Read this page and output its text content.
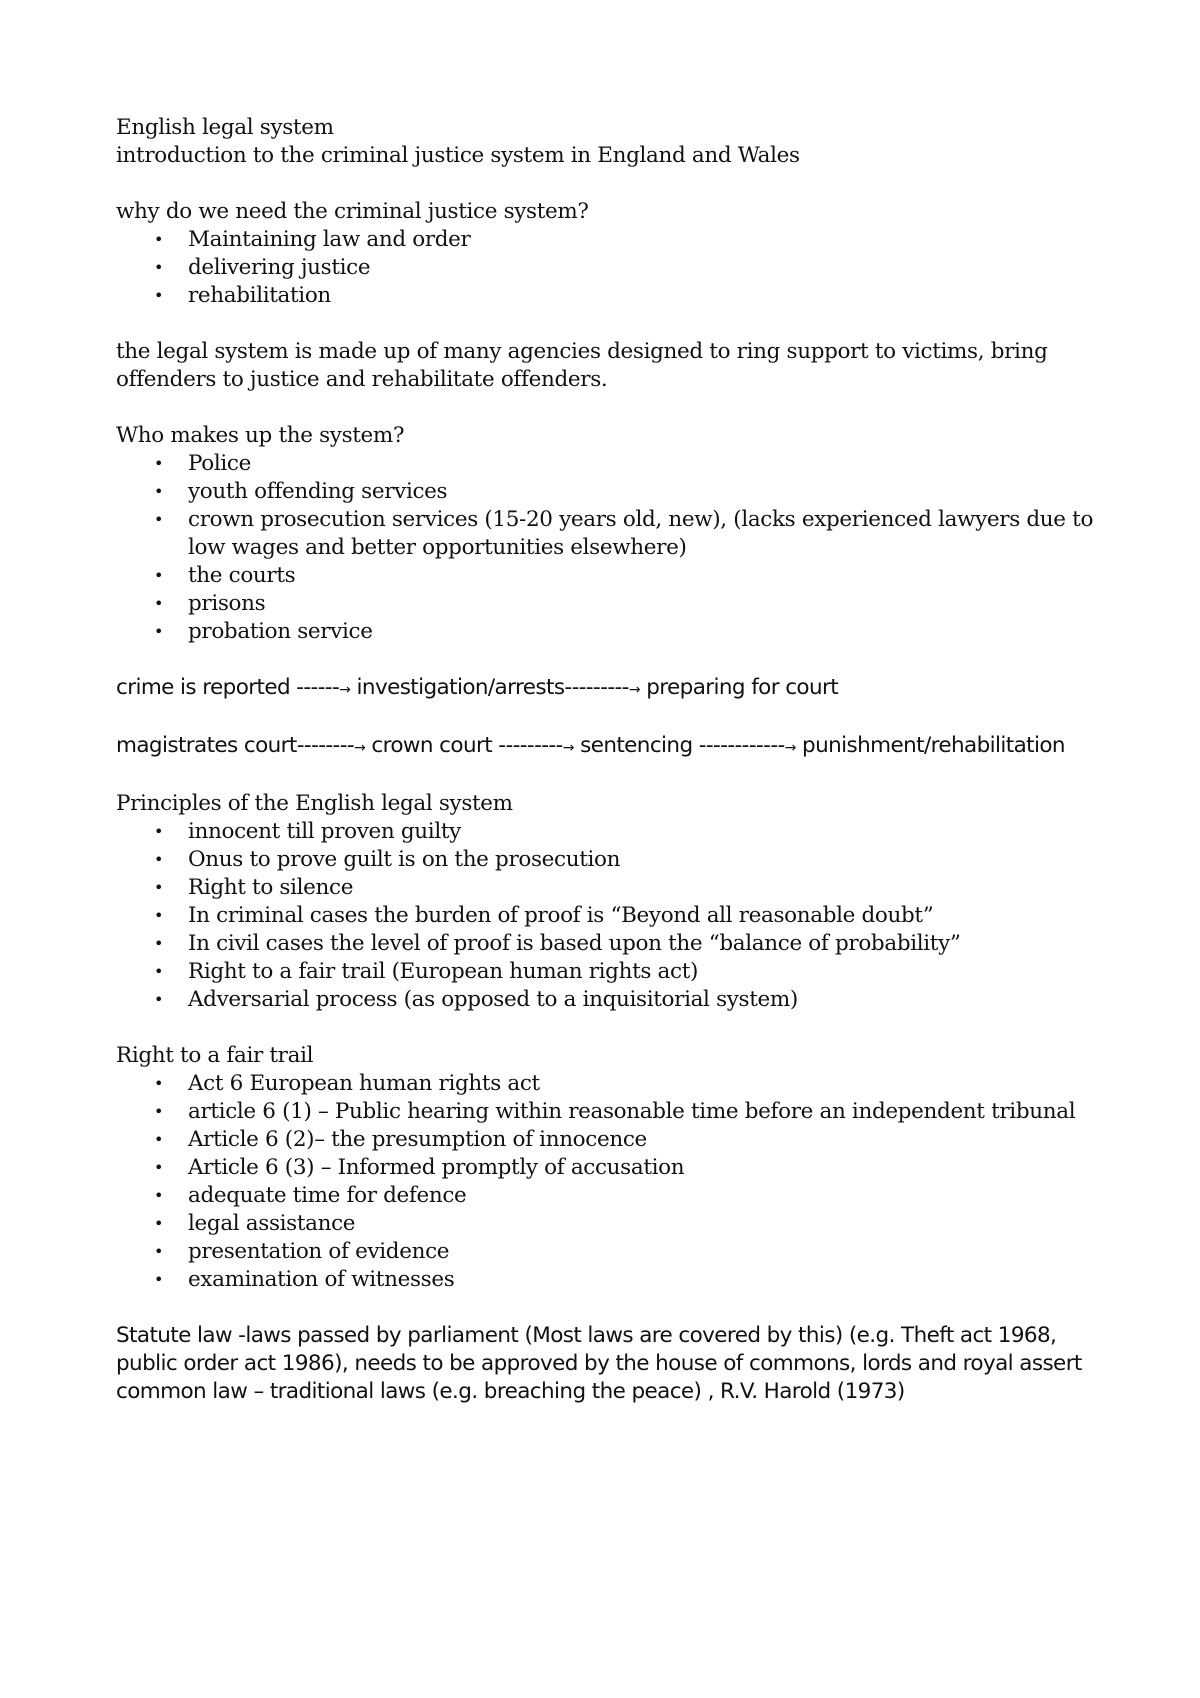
English legal system

introduction to the criminal justice system in England and Wales

why do we need the criminal justice system?

• Maintaining law and order
• delivering justice
• rehabilitation

the legal system is made up of many agencies designed to ring support to victims, bring offenders to justice and rehabilitate offenders.

Who makes up the system?

• Police
• youth offending services
• crown prosecution services (15-20 years old, new), (lacks experienced lawyers due to low wages and better opportunities elsewhere)
• the courts
• prisons
• probation service

crime is reported ------→ investigation/arrests---------→ preparing for court

magistrates court--------→ crown court ---------→ sentencing ------------→ punishment/rehabilitation

Principles of the English legal system

• innocent till proven guilty
• Onus to prove guilt is on the prosecution
• Right to silence
• In criminal cases the burden of proof is “Beyond all reasonable doubt”
• In civil cases the level of proof is based upon the “balance of probability”
• Right to a fair trail (European human rights act)
• Adversarial process (as opposed to a inquisitorial system)

Right to a fair trail

• Act 6 European human rights act
• article 6 (1) – Public hearing within reasonable time before an independent tribunal
• Article 6 (2)– the presumption of innocence
• Article 6 (3) – Informed promptly of accusation
• adequate time for defence
• legal assistance
• presentation of evidence
• examination of witnesses

Statute law -laws passed by parliament (Most laws are covered by this) (e.g. Theft act 1968, public order act 1986), needs to be approved by the house of commons, lords and royal assert

common law – traditional laws (e.g. breaching the peace) , R.V. Harold (1973)
